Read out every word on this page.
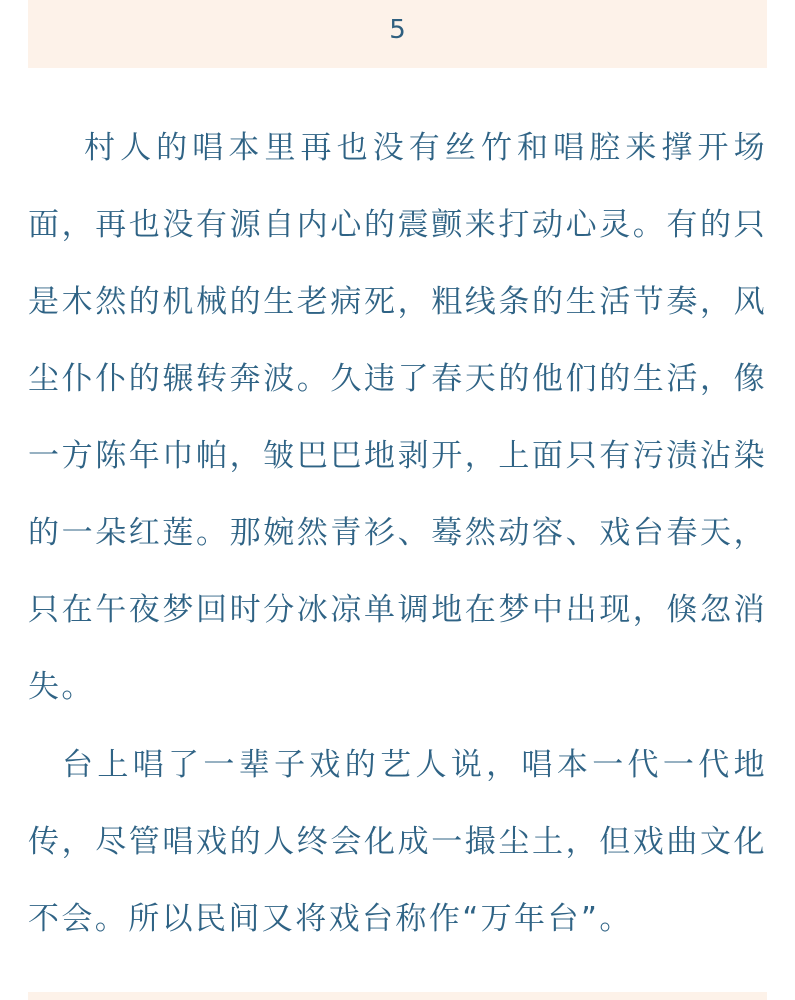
5

村人的唱本里再也没有丝竹和唱腔来撑开场面，再也没有源自内心的震颤来打动心灵。有的只是木然的机械的生老病死，粗线条的生活节奏，风尘仆仆的辗转奔波。久违了春天的他们的生活，像一方陈年巾帕，皱巴巴地剥开，上面只有污渍沾染的一朵红莲。那婉然青衫、蓦然动容、戏台春天，只在午夜梦回时分冰凉单调地在梦中出现，倏忽消失。

台上唱了一辈子戏的艺人说，唱本一代一代地传，尽管唱戏的人终会化成一撮尘土，但戏曲文化不会。所以民间又将戏台称作“万年台”。
